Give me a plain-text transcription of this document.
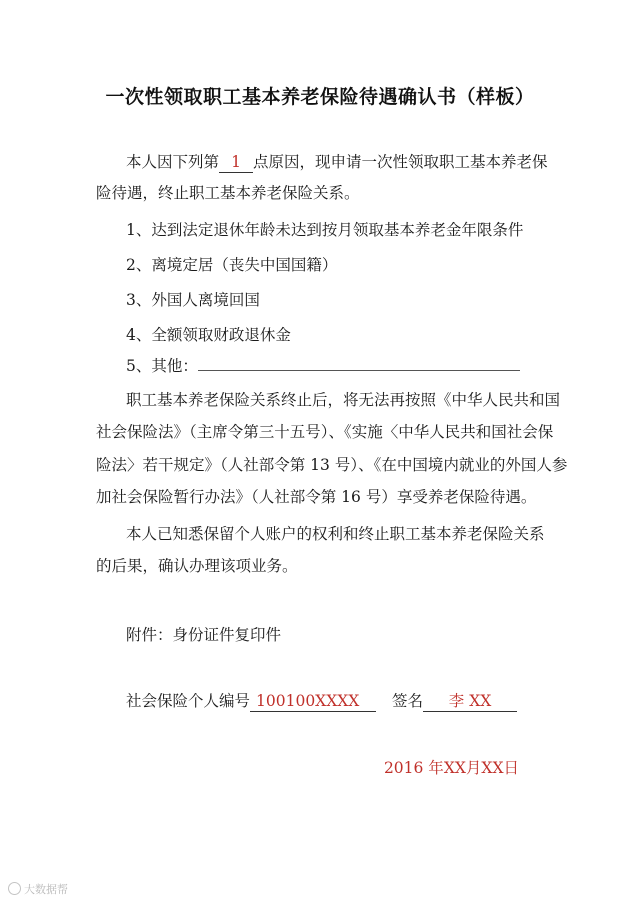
一次性领取职工基本养老保险待遇确认书（样板）
本人因下列第 1 点原因，现申请一次性领取职工基本养老保
险待遇，终止职工基本养老保险关系。
1、达到法定退休年龄未达到按月领取基本养老金年限条件
2、离境定居（丧失中国国籍）
3、外国人离境回国
4、全额领取财政退休金
5、其他：
职工基本养老保险关系终止后，将无法再按照《中华人民共和国
社会保险法》（主席令第三十五号）、《实施〈中华人民共和国社会保
险法〉若干规定》（人社部令第 13 号）、《在中国境内就业的外国人参
加社会保险暂行办法》（人社部令第 16 号）享受养老保险待遇。
本人已知悉保留个人账户的权利和终止职工基本养老保险关系
的后果，确认办理该项业务。
附件：身份证件复印件
社会保险个人编号 100100XXXX 签名 李 XX
2016 年XX月XX日
大数据帮
